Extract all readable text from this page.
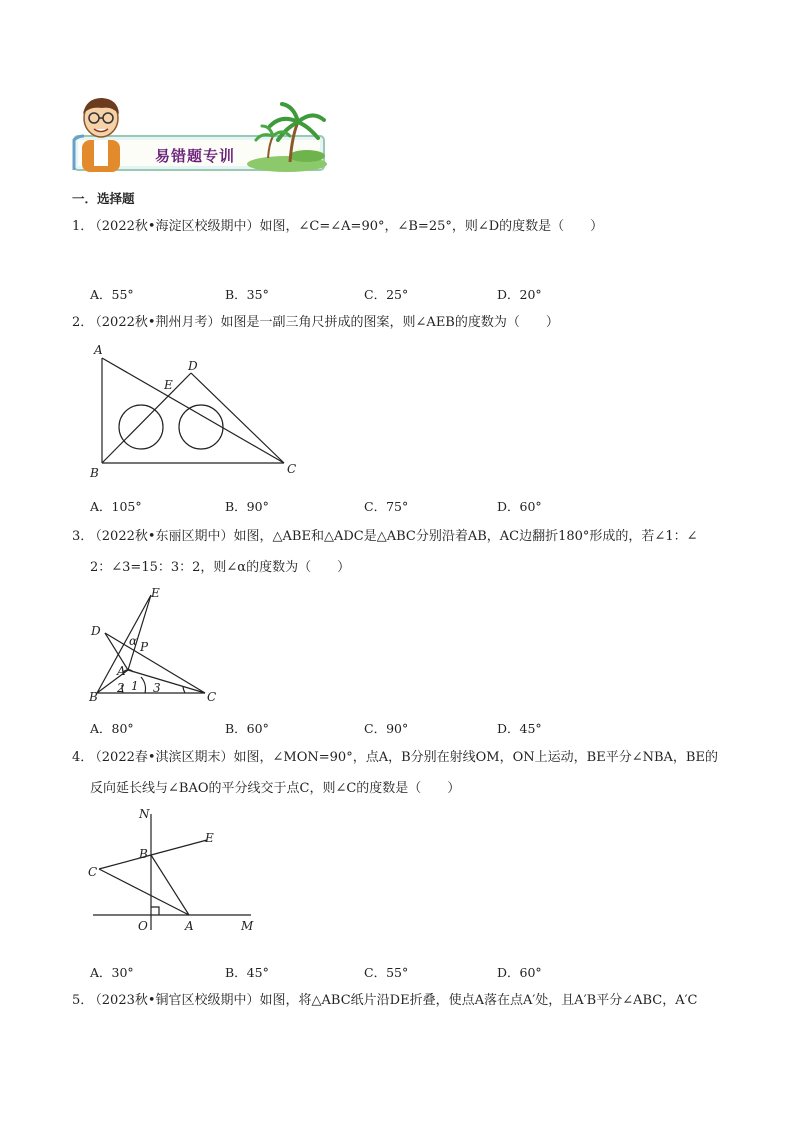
易错题专训
一．选择题
1． （2022秋•海淀区校级期中）如图，∠C=∠A=90°，∠B=25°，则∠D的度数是（　　）
A．55°	B．35°	C．25°	D．20°
2． （2022秋•荆州月考）如图是一副三角尺拼成的图案，则∠AEB的度数为（　　）
A
D
E
B	C
A．105°	B．90°	C．75°	D．60°
3． （2022秋•东丽区期中）如图，△ABE和△ADC是△ABC分别沿着AB，AC边翻折180°形成的，若∠1：∠
2：∠3=15：3：2，则∠α的度数为（　　）
E
D
P
α
A
B	C
2 1 3
A．80°	B．60°	C．90°	D．45°
4． （2022春•淇滨区期末）如图，∠MON=90°，点A，B分别在射线OM，ON上运动，BE平分∠NBA，BE的
反向延长线与∠BAO的平分线交于点C，则∠C的度数是（　　）
N
E
B
C
O	A	M
A．30°	B．45°	C．55°	D．60°
5． （2023秋•铜官区校级期中）如图，将△ABC纸片沿DE折叠，使点A落在点A′处，且A′B平分∠ABC，A′C
